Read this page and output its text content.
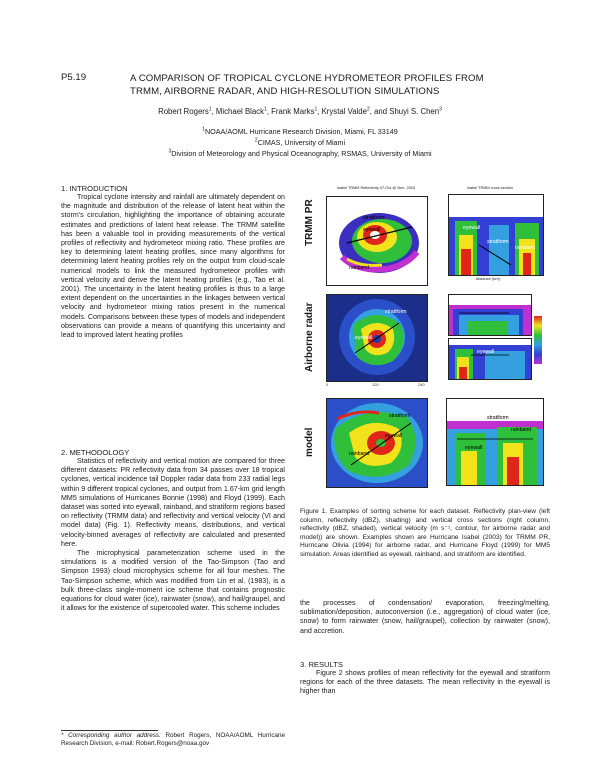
P5.19	A COMPARISON OF TROPICAL CYCLONE HYDROMETEOR PROFILES FROM
TRMM, AIRBORNE RADAR, AND HIGH-RESOLUTION SIMULATIONS
Robert Rogers$^1$, Michael Black$^1$, Frank Marks$^1$, Krystal Valde$^2$, and Shuyi S. Chen$^3$
$^1$NOAA/AOML Hurricane Research Division, Miami, FL 33149
$^2$CIMAS, University of Miami
$^3$Division of Meteorology and Physical Oceanography, RSMAS, University of Miami
1. INTRODUCTION

Tropical cyclone intensity and rainfall are ultimately dependent on the magnitude and distribution of the release of latent heat within the storm's circulation, highlighting the importance of obtaining accurate estimates and predictions of latent heat release. The TRMM satellite has been a valuable tool in providing measurements of the vertical profiles of reflectivity and hydrometeor mixing ratio. These profiles are key to determining latent heating profiles, since many algorithms for determining latent heating profiles rely on the output from cloud-scale numerical models to link the measured hydrometeor profiles with vertical velocity and derive the latent heating profiles (e.g., Tao et al. 2001). The uncertainty in the latent heating profiles is thus to a large extent dependent on the uncertainties in the linkages between vertical velocity and hydrometeor mixing ratios present in the numerical models. Comparisons between these types of models and independent observations can provide a means of quantifying this uncertainty and lead to improved latent heating profiles

2. METHODOLOGY

Statistics of reflectivity and vertical motion are compared for three different datasets: PR reflectivity data from 34 passes over 18 tropical cyclones, vertical incidence tail Doppler radar data from 233 radial legs within 9 different tropical cyclones, and output from 1.67-km grid length MM5 simulations of Hurricanes Bonnie (1998) and Floyd (1999). Each dataset was sorted into eyewall, rainband, and stratiform regions based on reflectivity (TRMM data) and reflectivity and vertical velocity (VI and model data) (Fig. 1). Reflectivity means, distributions, and vertical velocity-binned averages of reflectivity are calculated and presented here.

The microphysical parameterization scheme used in the simulations is a modified version of the Tao-Simpson (Tao and Simpson 1993) cloud microphysics scheme for all four meshes. The Tao-Simpson scheme, which was modified from Lin et al. (1983), is a bulk three-class single-moment ice scheme that contains prognostic equations for cloud water (ice), rainwater (snow), and hail/graupel, and it allows for the existence of supercooled water. This scheme includes

* Corresponding author address: Robert Rogers, NOAA/AOML Hurricane Research Division, e-mail: Robert.Rogers@noaa.gov
the processes of condensation/ evaporation, freezing/melting, sublimation/deposition, autoconversion (i.e., aggregation) of cloud water (ice, snow) to form rainwater (snow, hail/graupel), collection by rainwater (snow), and accretion.
3. RESULTS

Figure 2 shows profiles of mean reflectivity for the eyewall and stratiform regions for each of the three datasets. The mean reflectivity in the eyewall is higher than

Figure 1. Examples of sorting scheme for each dataset. Reflectivity plan-view (left column, reflectivity (dBZ), shading) and vertical cross sections (right column, reflectivity (dBZ, shaded), vertical velocity (m s⁻¹, contour, for airborne radar and model)) are shown. Examples shown are Hurricane Isabel (2003) for TRMM PR, Hurricane Olivia (1994) for airborne radar, and Hurricane Floyd (1999) for MM5 simulation. Areas identified as eyewall, rainband, and stratiform are identified.
TRMM PR
Airborne radar
model
Isabel TRMM Reflectivity 07-Oct @ 2km, 2003
stratiform
eyewall
rainband
Isabel TRMM cross-section
eyewall
stratiform
rainband
distance (km)
stratiform
eyewall
0	120	240
stratiform
eyewall
stratiform
eyewall
rainband
stratiform
eyewall
rainband
